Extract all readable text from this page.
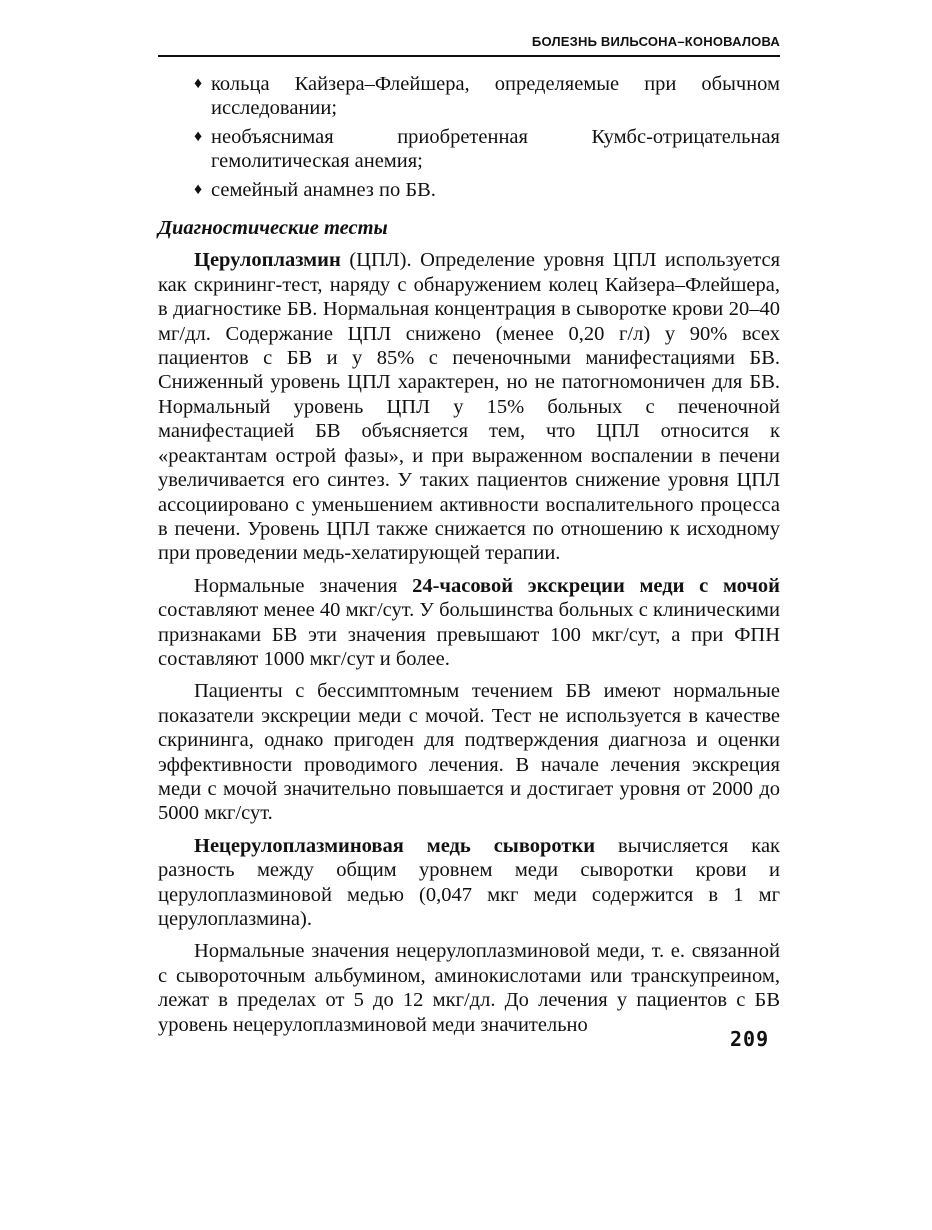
БОЛЕЗНЬ ВИЛЬСОНА–КОНОВАЛОВА
♦ кольца Кайзера–Флейшера, определяемые при обычном исследовании;
♦ необъяснимая приобретенная Кумбс-отрицательная гемолитическая анемия;
♦ семейный анамнез по БВ.
Диагностические тесты

Церулоплазмин (ЦПЛ). Определение уровня ЦПЛ используется как скрининг-тест, наряду с обнаружением колец Кайзера–Флейшера, в диагностике БВ. Нормальная концентрация в сыворотке крови 20–40 мг/дл. Содержание ЦПЛ снижено (менее 0,20 г/л) у 90% всех пациентов с БВ и у 85% с печеночными манифестациями БВ. Сниженный уровень ЦПЛ характерен, но не патогномоничен для БВ. Нормальный уровень ЦПЛ у 15% больных с печеночной манифестацией БВ объясняется тем, что ЦПЛ относится к «реактантам острой фазы», и при выраженном воспалении в печени увеличивается его синтез. У таких пациентов снижение уровня ЦПЛ ассоциировано с уменьшением активности воспалительного процесса в печени. Уровень ЦПЛ также снижается по отношению к исходному при проведении медь-хелатирующей терапии.

Нормальные значения 24-часовой экскреции меди с мочой составляют менее 40 мкг/сут. У большинства больных с клиническими признаками БВ эти значения превышают 100 мкг/сут, а при ФПН составляют 1000 мкг/сут и более.

Пациенты с бессимптомным течением БВ имеют нормальные показатели экскреции меди с мочой. Тест не используется в качестве скрининга, однако пригоден для подтверждения диагноза и оценки эффективности проводимого лечения. В начале лечения экскреция меди с мочой значительно повышается и достигает уровня от 2000 до 5000 мкг/сут.

Нецерулоплазминовая медь сыворотки вычисляется как разность между общим уровнем меди сыворотки крови и церулоплазминовой медью (0,047 мкг меди содержится в 1 мг церулоплазмина).

Нормальные значения нецерулоплазминовой меди, т. е. связанной с сывороточным альбумином, аминокислотами или транскупреином, лежат в пределах от 5 до 12 мкг/дл. До лечения у пациентов с БВ уровень нецерулоплазминовой меди значительно

209
